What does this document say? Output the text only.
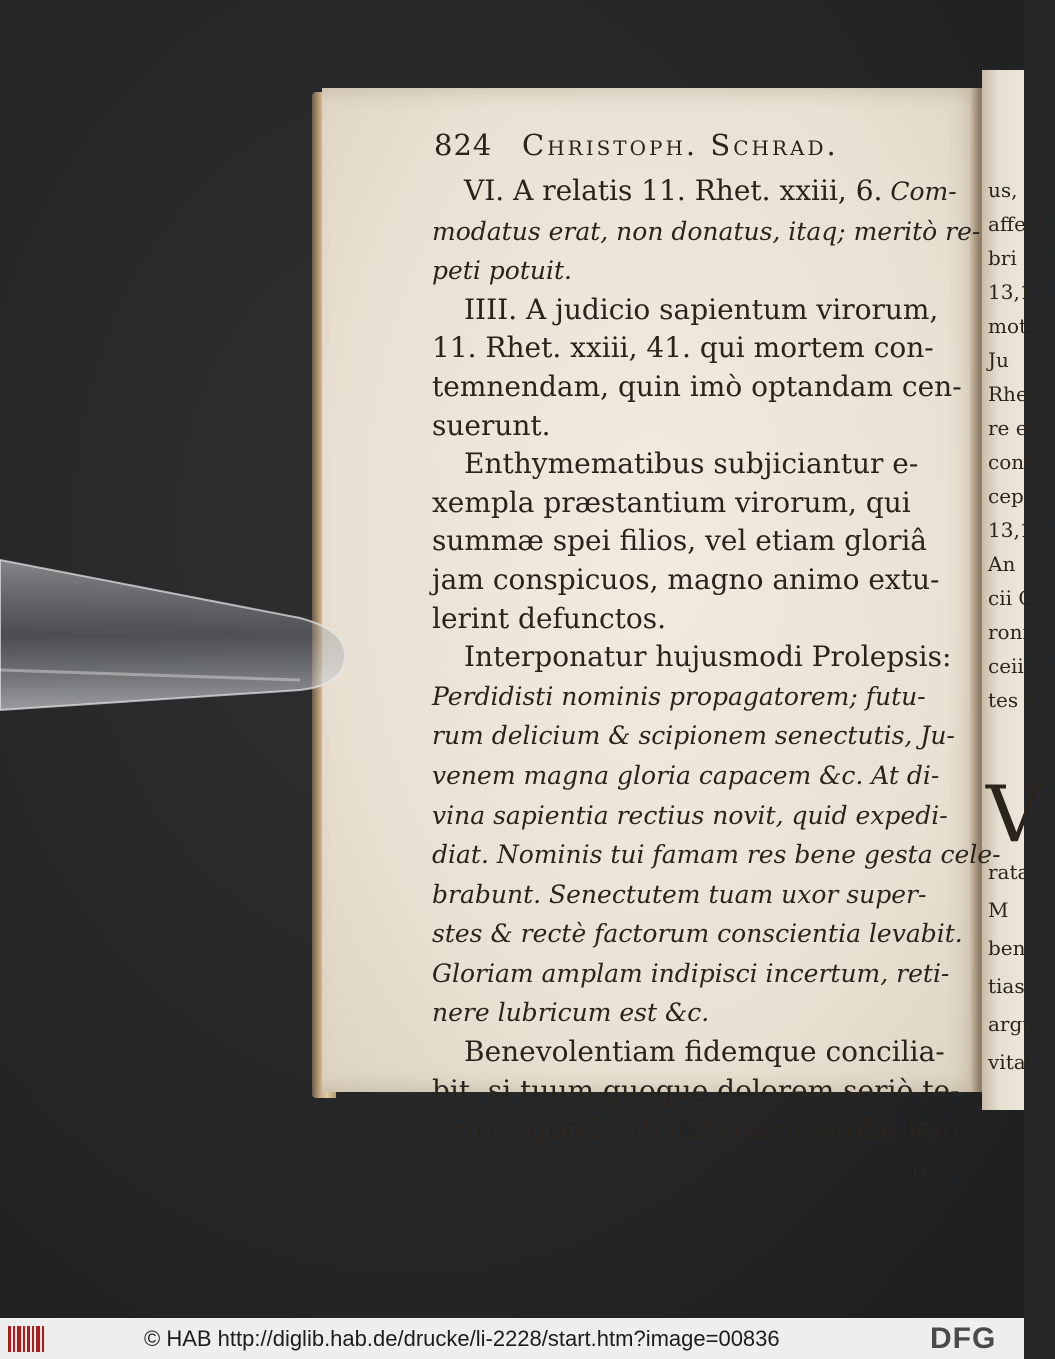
us, h
affect
bri 11.
13,17
motu
Ju
Rhet
re ec
const
cepist
13,16,
An
cii C
ronis
ceii C
tes e
V
rata,
M
bene
tias,
argu
vitat
824 Christoph. Schrad.
VI. A relatis 11. Rhet. xxiii, 6. Com-
modatus erat, non donatus, itaq; meritò re-
peti potuit.
IIII. A judicio sapientum virorum,
11. Rhet. xxiii, 41. qui mortem con-
temnendam, quin imò optandam cen-
suerunt.
Enthymematibus subjiciantur e-
xempla præstantium virorum, qui
summæ spei filios, vel etiam gloriâ
jam conspicuos, magno animo extu-
lerint defunctos.
Interponatur hujusmodi Prolepsis:
Perdidisti nominis propagatorem; futu-
rum delicium & scipionem senectutis, Ju-
venem magna gloria capacem &c. At di-
vina sapientia rectius novit, quid expedi-
diat. Nominis tui famam res bene gesta cele-
brabunt. Senectutem tuam uxor super-
stes & rectè factorum conscientia levabit.
Gloriam amplam indipisci incertum, reti-
nere lubricum est &c.
Benevolentiam fidemque concilia-
bit, si tuum quoque dolorem seriò te-
steris, quod sub initium epistolæ leni-
us,
© HAB http://diglib.hab.de/drucke/li-2228/start.htm?image=00836	DFG
